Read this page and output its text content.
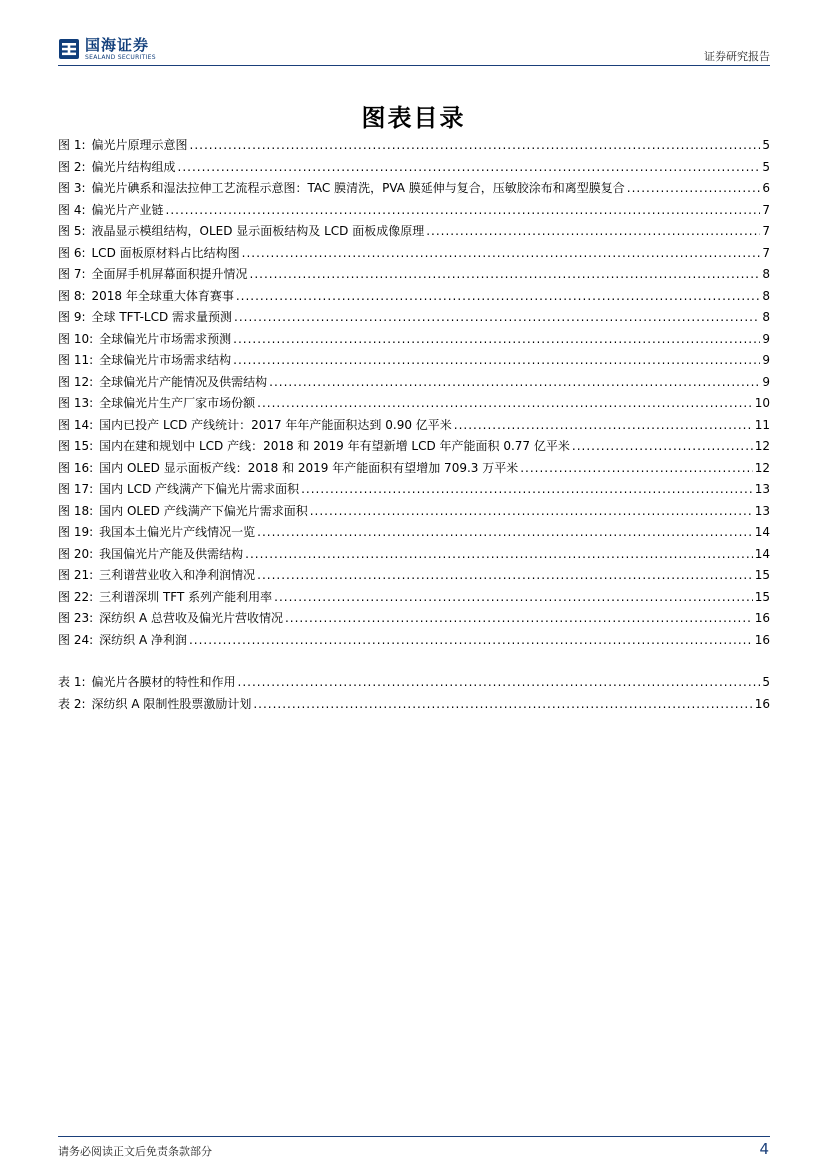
国海证券
SEALAND SECURITIES	证券研究报告
图表目录
图 1: 偏光片原理示意图 .....	5
图 2: 偏光片结构组成 .....	5
图 3: 偏光片碘系和湿法拉伸工艺流程示意图：TAC 膜清洗，PVA 膜延伸与复合，压敏胶涂布和离型膜复合 .....	6
图 4: 偏光片产业链 .....	7
图 5: 液晶显示模组结构，OLED 显示面板结构及 LCD 面板成像原理 .....	7
图 6: LCD 面板原材料占比结构图 .....	7
图 7: 全面屏手机屏幕面积提升情况 .....	8
图 8: 2018 年全球重大体育赛事 .....	8
图 9: 全球 TFT-LCD 需求量预测 .....	8
图 10: 全球偏光片市场需求预测 .....	9
图 11: 全球偏光片市场需求结构 .....	9
图 12: 全球偏光片产能情况及供需结构 .....	9
图 13: 全球偏光片生产厂家市场份额 .....	10
图 14: 国内已投产 LCD 产线统计：2017 年年产能面积达到 0.90 亿平米 .....	11
图 15: 国内在建和规划中 LCD 产线：2018 和 2019 年有望新增 LCD 年产能面积 0.77 亿平米 .....	12
图 16: 国内 OLED 显示面板产线：2018 和 2019 年产能面积有望增加 709.3 万平米 .....	12
图 17: 国内 LCD 产线满产下偏光片需求面积 .....	13
图 18: 国内 OLED 产线满产下偏光片需求面积 .....	13
图 19: 我国本土偏光片产线情况一览 .....	14
图 20: 我国偏光片产能及供需结构 .....	14
图 21: 三利谱营业收入和净利润情况 .....	15
图 22: 三利谱深圳 TFT 系列产能利用率 .....	15
图 23: 深纺织 A 总营收及偏光片营收情况 .....	16
图 24: 深纺织 A 净利润 .....	16
表 1: 偏光片各膜材的特性和作用 .....	5
表 2: 深纺织 A 限制性股票激励计划 .....	16
请务必阅读正文后免责条款部分	4
